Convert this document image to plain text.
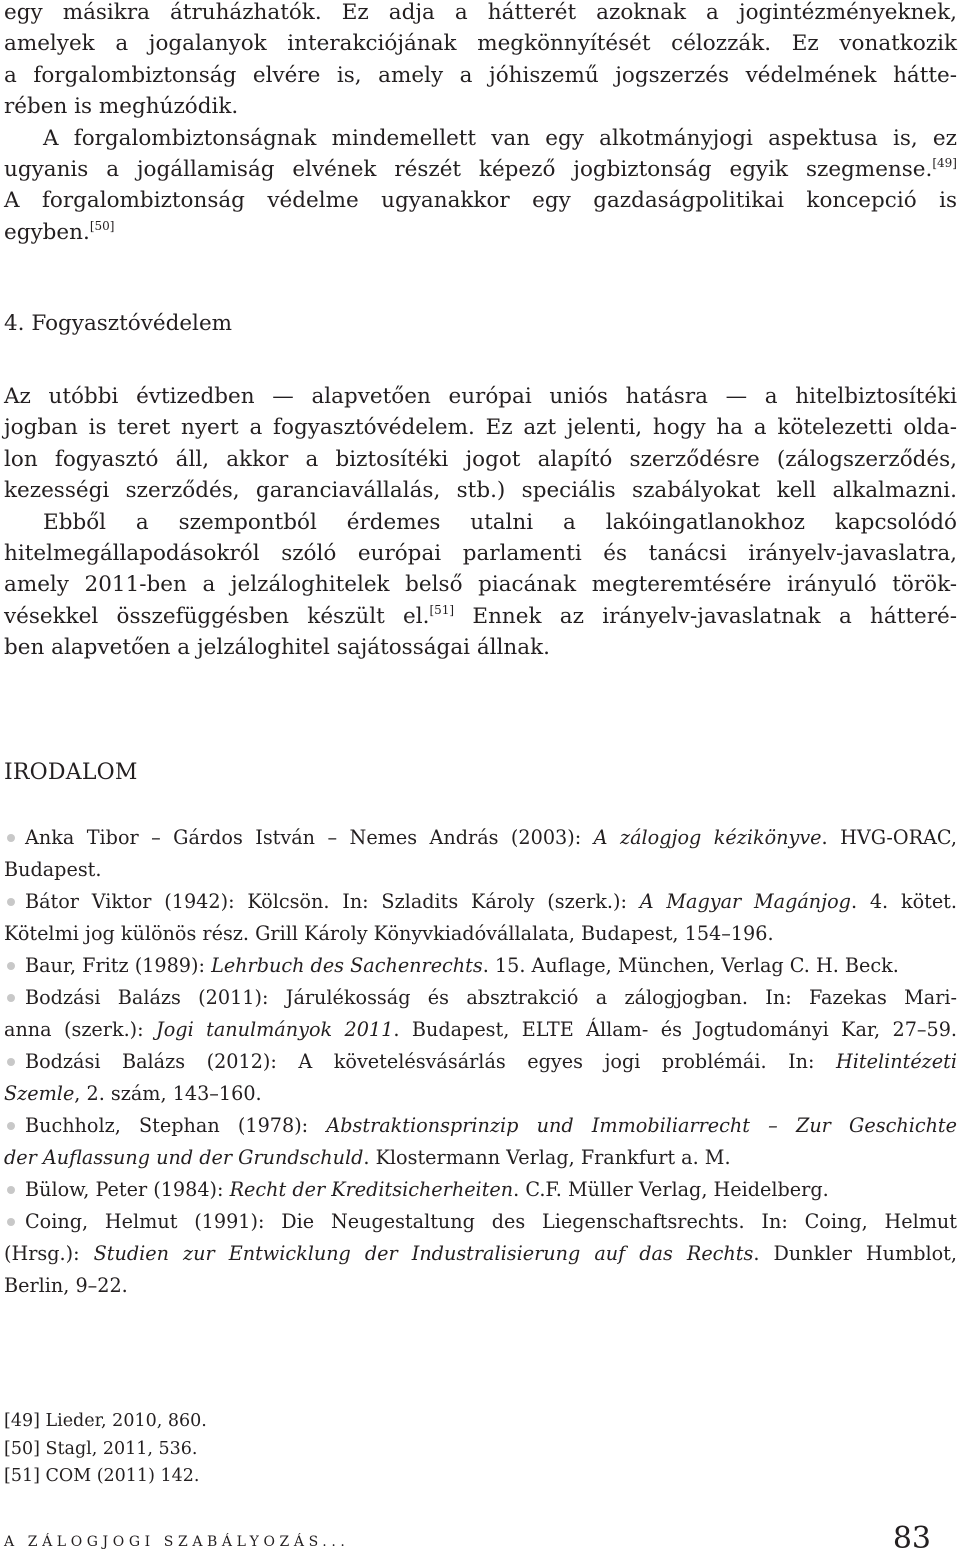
egy másikra átruházhatók. Ez adja a hátterét azoknak a jogintézményeknek,

amelyek a jogalanyok interakciójának megkönnyítését célozzák. Ez vonatkozik

a forgalombiztonság elvére is, amely a jóhiszemű jogszerzés védelmének hátte-

rében is meghúzódik.

A forgalombiztonságnak mindemellett van egy alkotmányjogi aspektusa is, ez

ugyanis a jogállamiság elvének részét képező jogbiztonság egyik szegmense.[49]

A forgalombiztonság védelme ugyanakkor egy gazdaságpolitikai koncepció is

egyben.[50]

4. Fogyasztóvédelem

Az utóbbi évtizedben — alapvetően európai uniós hatásra — a hitelbiztosítéki

jogban is teret nyert a fogyasztóvédelem. Ez azt jelenti, hogy ha a kötelezetti olda-

lon fogyasztó áll, akkor a biztosítéki jogot alapító szerződésre (zálogszerződés,

kezességi szerződés, garanciavállalás, stb.) speciális szabályokat kell alkalmazni.

Ebből a szempontból érdemes utalni a lakóingatlanokhoz kapcsolódó

hitelmegállapodásokról szóló európai parlamenti és tanácsi irányelv-javaslatra,

amely 2011-ben a jelzáloghitelek belső piacának megteremtésére irányuló török-

vésekkel összefüggésben készült el.[51] Ennek az irányelv-javaslatnak a hátteré-

ben alapvetően a jelzáloghitel sajátosságai állnak.

IRODALOM
Anka Tibor – Gárdos István – Nemes András (2003): A zálogjog kézikönyve. HVG-ORAC,
Budapest.
Bátor Viktor (1942): Kölcsön. In: Szladits Károly (szerk.): A Magyar Magánjog. 4. kötet.
Kötelmi jog különös rész. Grill Károly Könyvkiadóvállalata, Budapest, 154–196.
Baur, Fritz (1989): Lehrbuch des Sachenrechts. 15. Auflage, München, Verlag C. H. Beck.
Bodzási Balázs (2011): Járulékosság és absztrakció a zálogjogban. In: Fazekas Mari-
anna (szerk.): Jogi tanulmányok 2011. Budapest, ELTE Állam- és Jogtudományi Kar, 27–59.
Bodzási Balázs (2012): A követelésvásárlás egyes jogi problémái. In: Hitelintézeti
Szemle, 2. szám, 143–160.
Buchholz, Stephan (1978): Abstraktionsprinzip und Immobiliarrecht – Zur Geschichte
der Auflassung und der Grundschuld. Klostermann Verlag, Frankfurt a. M.
Bülow, Peter (1984): Recht der Kreditsicherheiten. C.F. Müller Verlag, Heidelberg.
Coing, Helmut (1991): Die Neugestaltung des Liegenschaftsrechts. In: Coing, Helmut
(Hrsg.): Studien zur Entwicklung der Industralisierung auf das Rechts. Dunkler Humblot,
Berlin, 9–22.
[49] Lieder, 2010, 860.
[50] Stagl, 2011, 536.
[51] COM (2011) 142.
A ZÁLOGJOGI SZABÁLYOZÁS...	83
